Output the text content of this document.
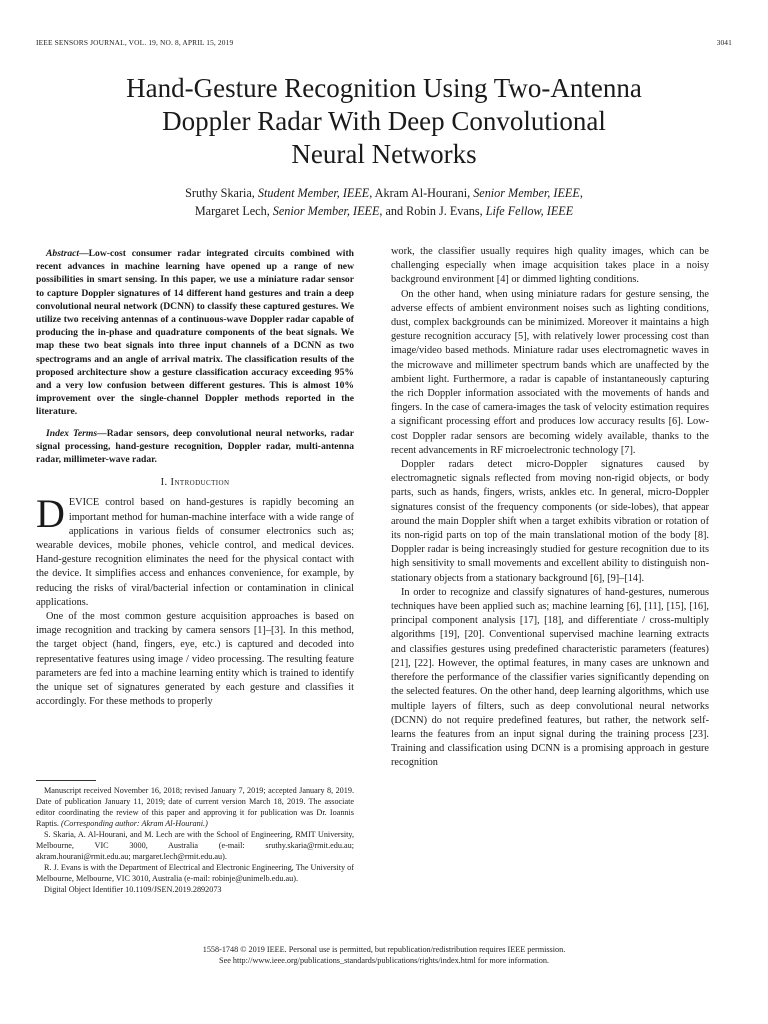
IEEE SENSORS JOURNAL, VOL. 19, NO. 8, APRIL 15, 2019	3041
Hand-Gesture Recognition Using Two-Antenna
Doppler Radar With Deep Convolutional
Neural Networks
Sruthy Skaria, Student Member, IEEE, Akram Al-Hourani, Senior Member, IEEE,
Margaret Lech, Senior Member, IEEE, and Robin J. Evans, Life Fellow, IEEE
Abstract—Low-cost consumer radar integrated circuits combined with recent advances in machine learning have opened up a range of new possibilities in smart sensing. In this paper, we use a miniature radar sensor to capture Doppler signatures of 14 different hand gestures and train a deep convolutional neural network (DCNN) to classify these captured gestures. We utilize two receiving antennas of a continuous-wave Doppler radar capable of producing the in-phase and quadrature components of the beat signals. We map these two beat signals into three input channels of a DCNN as two spectrograms and an angle of arrival matrix. The classification results of the proposed architecture show a gesture classification accuracy exceeding 95% and a very low confusion between different gestures. This is almost 10% improvement over the single-channel Doppler methods reported in the literature.
Index Terms—Radar sensors, deep convolutional neural networks, radar signal processing, hand-gesture recognition, Doppler radar, multi-antenna radar, millimeter-wave radar.
I. Introduction

DEVICE control based on hand-gestures is rapidly becoming an important method for human-machine interface with a wide range of applications in various fields of consumer electronics such as; wearable devices, mobile phones, vehicle control, and medical devices. Hand-gesture recognition eliminates the need for the physical contact with the device. It simplifies access and enhances convenience, for example, by reducing the risks of viral/bacterial infection or contamination in clinical applications.

One of the most common gesture acquisition approaches is based on image recognition and tracking by camera sensors [1]–[3]. In this method, the target object (hand, fingers, eye, etc.) is captured and decoded into representative features using image / video processing. The resulting feature parameters are fed into a machine learning entity which is trained to identify the unique set of signatures generated by each gesture and classifies it accordingly. For these methods to properly

Manuscript received November 16, 2018; revised January 7, 2019; accepted January 8, 2019. Date of publication January 11, 2019; date of current version March 18, 2019. The associate editor coordinating the review of this paper and approving it for publication was Dr. Ioannis Raptis. (Corresponding author: Akram Al-Hourani.)

S. Skaria, A. Al-Hourani, and M. Lech are with the School of Engineering, RMIT University, Melbourne, VIC 3000, Australia (e-mail: sruthy.skaria@rmit.edu.au; akram.hourani@rmit.edu.au; margaret.lech@rmit.edu.au).

R. J. Evans is with the Department of Electrical and Electronic Engineering, The University of Melbourne, Melbourne, VIC 3010, Australia (e-mail: robinje@unimelb.edu.au).

Digital Object Identifier 10.1109/JSEN.2019.2892073

work, the classifier usually requires high quality images, which can be challenging especially when image acquisition takes place in a noisy background environment [4] or dimmed lighting conditions.

On the other hand, when using miniature radars for gesture sensing, the adverse effects of ambient environment noises such as lighting conditions, dust, complex backgrounds can be minimized. Moreover it maintains a high gesture recognition accuracy [5], with relatively lower processing cost than image/video based methods. Miniature radar uses electromagnetic waves in the microwave and millimeter spectrum bands which are unaffected by the ambient light. Furthermore, a radar is capable of instantaneously capturing the rich Doppler information associated with the movements of hands and fingers. In the case of camera-images the task of velocity estimation requires a significant processing effort and produces low accuracy results [6]. Low-cost Doppler radar sensors are becoming widely available, thanks to the recent advancements in RF microelectronic technology [7].

Doppler radars detect micro-Doppler signatures caused by electromagnetic signals reflected from moving non-rigid objects, or body parts, such as hands, fingers, wrists, ankles etc. In general, micro-Doppler signatures consist of the frequency components (or side-lobes), that appear around the main Doppler shift when a target exhibits vibration or rotation of its non-rigid parts on top of the main translational motion of the body [8]. Doppler radar is being increasingly studied for gesture recognition due to its high sensitivity to small movements and excellent ability to distinguish non-stationary objects from a stationary background [6], [9]–[14].

In order to recognize and classify signatures of hand-gestures, numerous techniques have been applied such as; machine learning [6], [11], [15], [16], principal component analysis [17], [18], and differentiate / cross-multiply algorithms [19], [20]. Conventional supervised machine learning extracts and classifies gestures using predefined characteristic parameters (features) [21], [22]. However, the optimal features, in many cases are unknown and therefore the performance of the classifier varies significantly depending on the selected features. On the other hand, deep learning algorithms, which use multiple layers of filters, such as deep convolutional neural networks (DCNN) do not require predefined features, but rather, the network self-learns the features from an input signal during the training process [23]. Training and classification using DCNN is a promising approach in gesture recognition

1558-1748 © 2019 IEEE. Personal use is permitted, but republication/redistribution requires IEEE permission.
See http://www.ieee.org/publications_standards/publications/rights/index.html for more information.
